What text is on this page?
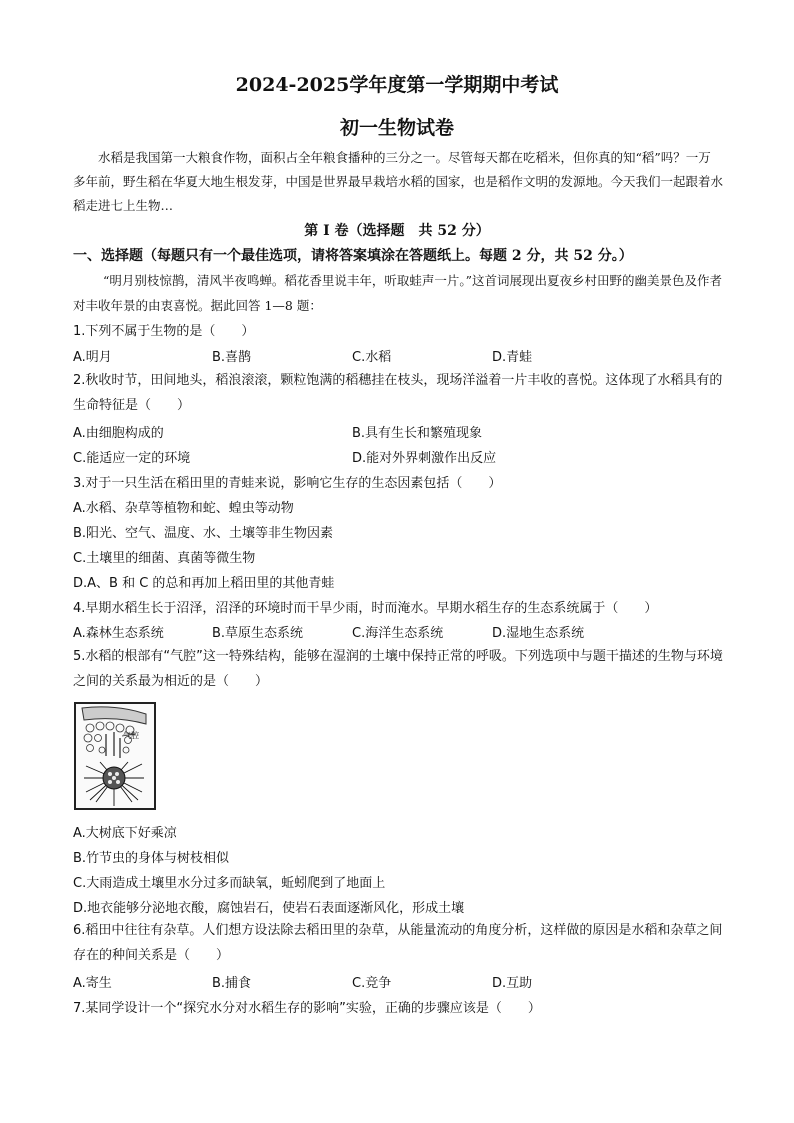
2024-2025学年度第一学期期中考试
初一生物试卷
水稻是我国第一大粮食作物，面积占全年粮食播种的三分之一。尽管每天都在吃稻米，但你真的知“稻”吗？一万多年前，野生稻在华夏大地生根发芽，中国是世界最早栽培水稻的国家，也是稻作文明的发源地。今天我们一起跟着水稻走进七上生物…
第 I 卷（选择题　共 52 分）
一、选择题（每题只有一个最佳选项，请将答案填涂在答题纸上。每题 2 分，共 52 分。）
“明月别枝惊鹊，清风半夜鸣蝉。稻花香里说丰年，听取蛙声一片。”这首词展现出夏夜乡村田野的幽美景色及作者对丰收年景的由衷喜悦。据此回答 1—8 题：
1.下列不属于生物的是（　　）
A.明月	B.喜鹊	C.水稻	D.青蛙
2.秋收时节，田间地头，稻浪滚滚，颗粒饱满的稻穗挂在枝头，现场洋溢着一片丰收的喜悦。这体现了水稻具有的生命特征是（　　）
A.由细胞构成的	B.具有生长和繁殖现象
C.能适应一定的环境	D.能对外界刺激作出反应
3.对于一只生活在稻田里的青蛙来说，影响它生存的生态因素包括（　　）
A.水稻、杂草等植物和蛇、蝗虫等动物
B.阳光、空气、温度、水、土壤等非生物因素
C.土壤里的细菌、真菌等微生物
D.A、B 和 C 的总和再加上稻田里的其他青蛙
4.早期水稻生长于沼泽，沼泽的环境时而干旱少雨，时而淹水。早期水稻生存的生态系统属于（　　）
A.森林生态系统	B.草原生态系统	C.海洋生态系统	D.湿地生态系统
5.水稻的根部有“气腔”这一特殊结构，能够在湿润的土壤中保持正常的呼吸。下列选项中与题干描述的生物与环境之间的关系最为相近的是（　　）
气腔
A.大树底下好乘凉
B.竹节虫的身体与树枝相似
C.大雨造成土壤里水分过多而缺氧，蚯蚓爬到了地面上
D.地衣能够分泌地衣酸，腐蚀岩石，使岩石表面逐渐风化，形成土壤
6.稻田中往往有杂草。人们想方设法除去稻田里的杂草，从能量流动的角度分析，这样做的原因是水稻和杂草之间存在的种间关系是（　　）
A.寄生	B.捕食	C.竞争	D.互助
7.某同学设计一个“探究水分对水稻生存的影响”实验，正确的步骤应该是（　　）
